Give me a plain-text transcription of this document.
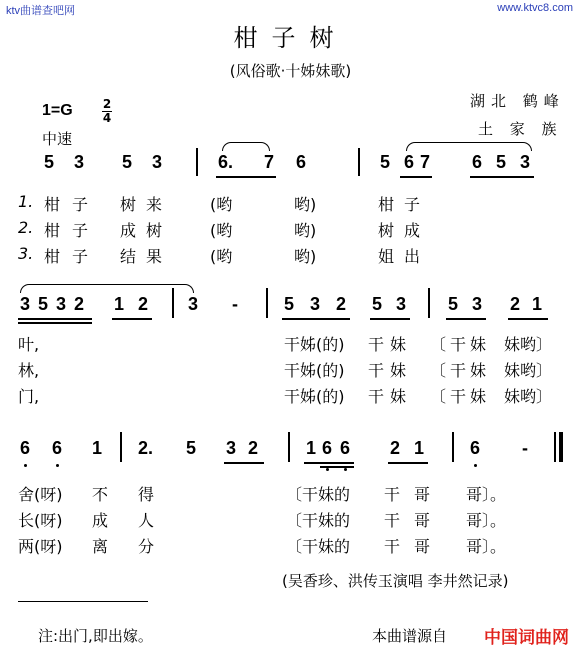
ktv曲谱查吧网	www.ktvc8.com
柑子树
(风俗歌·十姊妹歌)
湖北 鹤峰
土 家 族
1=G	2
4
中速
5 3 5 3	6. 7 6	5 6 7 6 5 3
1. 柑 子 树来 (哟	哟)	柑 子
2. 柑 子 成树 (哟	哟)	树 成
3. 柑 子 结果 (哟	哟)	姐 出
3 5 3 2 1 2 3 -	5 3 2 5 3 5 3 2 1
叶,	干姊(的) 干妹 〔干妹 妹哟〕
林,	干姊(的) 干妹 〔干妹 妹哟〕
门,	干姊(的) 干妹 〔干妹 妹哟〕
6 6 1 2. 5 3 2	1 6 6 2 1	6 -
舍(呀) 不 得	〔干妹的 干 哥 哥〕。
长(呀) 成 人	〔干妹的 干 哥 哥〕。
两(呀) 离 分	〔干妹的 干 哥 哥〕。
(吴香珍、洪传玉演唱 李井然记录)
注:出门,即出嫁。	本曲谱源自 中国词曲网
